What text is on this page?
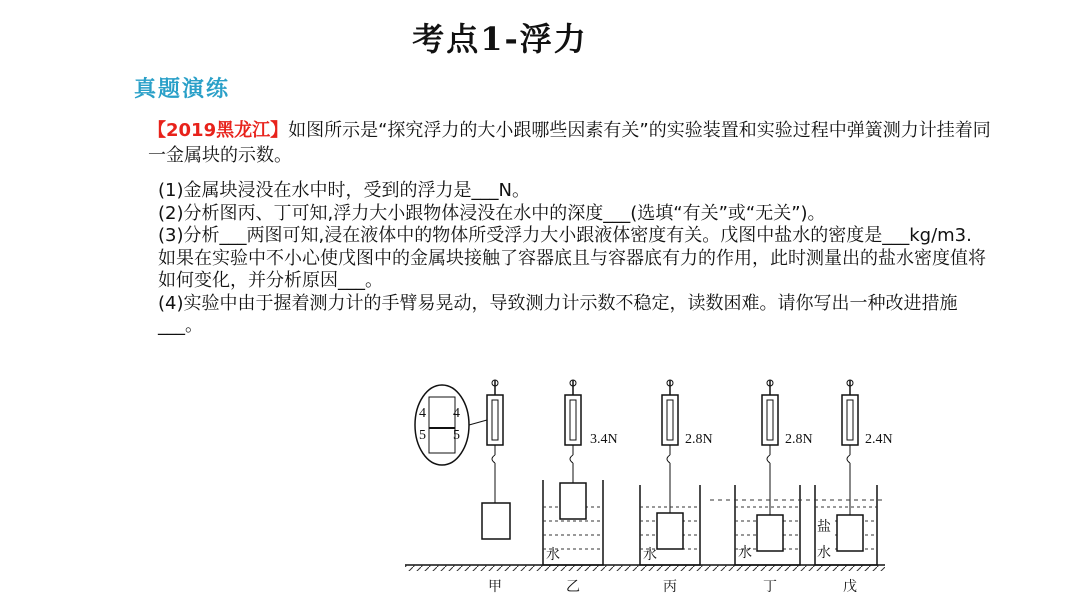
考点1-浮力
真题演练
【2019黑龙江】如图所示是“探究浮力的大小跟哪些因素有关”的实验装置和实验过程中弹簧测力计挂着同一金属块的示数。

(1)金属块浸没在水中时，受到的浮力是___N。

(2)分析图丙、丁可知,浮力大小跟物体浸没在水中的深度___(选填“有关”或“无关”)。

(3)分析___两图可知,浸在液体中的物体所受浮力大小跟液体密度有关。戊图中盐水的密度是___kg/m3.如果在实验中不小心使戊图中的金属块接触了容器底且与容器底有力的作用，此时测量出的盐水密度值将如何变化，并分析原因___。

(4)实验中由于握着测力计的手臂易晃动，导致测力计示数不稳定，读数困难。请你写出一种改进措施___。

4 4
5 5
甲
3.4N
水
乙
2.8N
水
丙
2.8N
水
丁
2.4N
盐
水
戊
